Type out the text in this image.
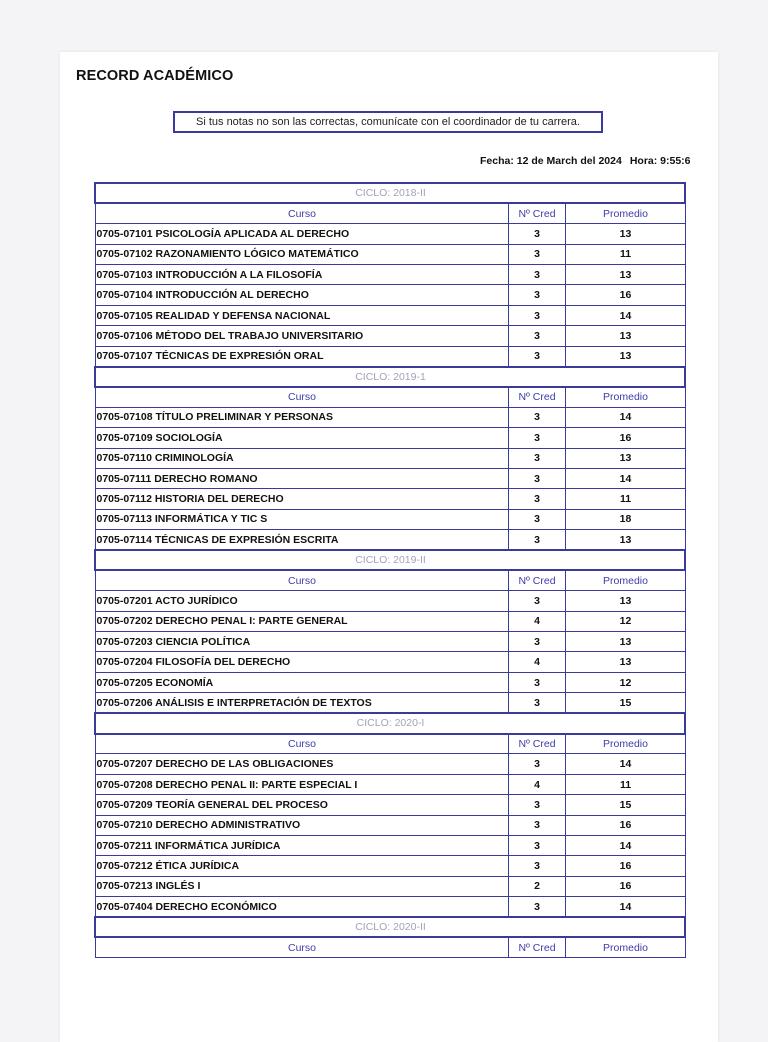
RECORD ACADÉMICO
Si tus notas no son las correctas, comunícate con el coordinador de tu carrera.
Fecha: 12 de March del 2024 Hora: 9:55:6
CICLO: 2018-II		
Curso	Nº Cred	Promedio
0705-07101 PSICOLOGÍA APLICADA AL DERECHO	3	13
0705-07102 RAZONAMIENTO LÓGICO MATEMÁTICO	3	11
0705-07103 INTRODUCCIÓN A LA FILOSOFÍA	3	13
0705-07104 INTRODUCCIÓN AL DERECHO	3	16
0705-07105 REALIDAD Y DEFENSA NACIONAL	3	14
0705-07106 MÉTODO DEL TRABAJO UNIVERSITARIO	3	13
0705-07107 TÉCNICAS DE EXPRESIÓN ORAL	3	13
CICLO: 2019-1		
Curso	Nº Cred	Promedio
0705-07108 TÍTULO PRELIMINAR Y PERSONAS	3	14
0705-07109 SOCIOLOGÍA	3	16
0705-07110 CRIMINOLOGÍA	3	13
0705-07111 DERECHO ROMANO	3	14
0705-07112 HISTORIA DEL DERECHO	3	11
0705-07113 INFORMÁTICA Y TIC S	3	18
0705-07114 TÉCNICAS DE EXPRESIÓN ESCRITA	3	13
CICLO: 2019-II		
Curso	Nº Cred	Promedio
0705-07201 ACTO JURÍDICO	3	13
0705-07202 DERECHO PENAL I: PARTE GENERAL	4	12
0705-07203 CIENCIA POLÍTICA	3	13
0705-07204 FILOSOFÍA DEL DERECHO	4	13
0705-07205 ECONOMÍA	3	12
0705-07206 ANÁLISIS E INTERPRETACIÓN DE TEXTOS	3	15
CICLO: 2020-I		
Curso	Nº Cred	Promedio
0705-07207 DERECHO DE LAS OBLIGACIONES	3	14
0705-07208 DERECHO PENAL II: PARTE ESPECIAL I	4	11
0705-07209 TEORÍA GENERAL DEL PROCESO	3	15
0705-07210 DERECHO ADMINISTRATIVO	3	16
0705-07211 INFORMÁTICA JURÍDICA	3	14
0705-07212 ÉTICA JURÍDICA	3	16
0705-07213 INGLÉS I	2	16
0705-07404 DERECHO ECONÓMICO	3	14
CICLO: 2020-II		
Curso	Nº Cred	Promedio
